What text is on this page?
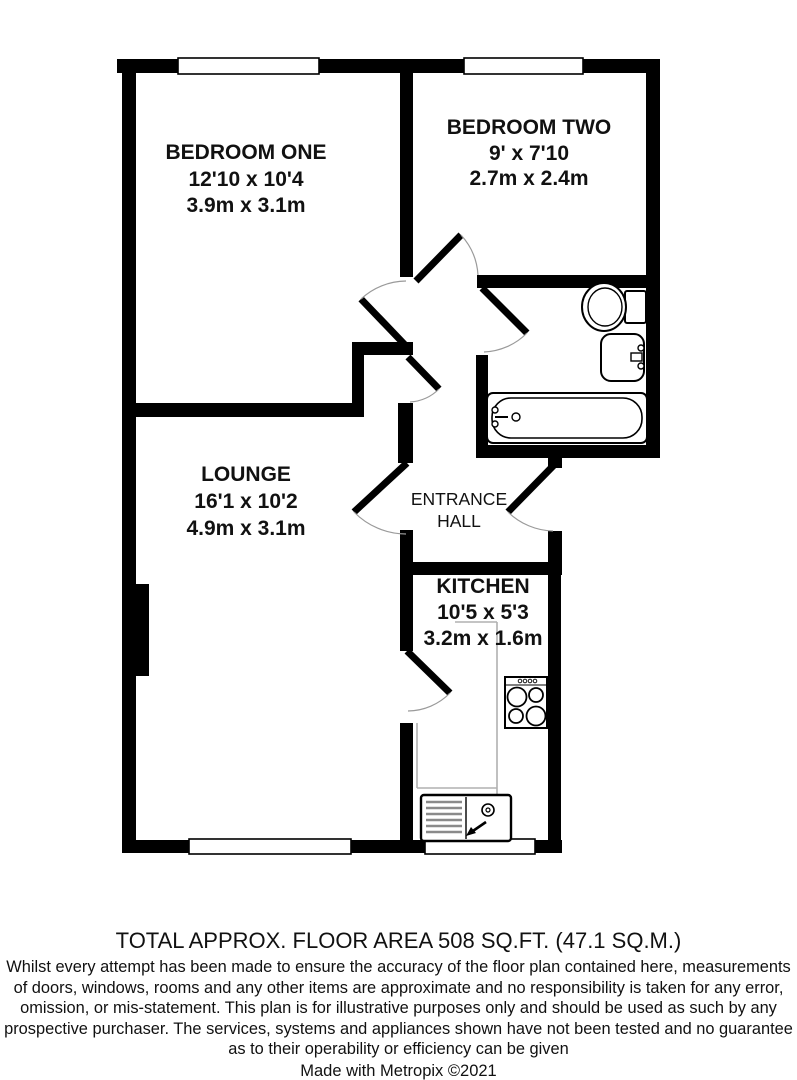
BEDROOM ONE
12'10 x 10'4
3.9m x 3.1m
BEDROOM TWO
9' x 7'10
2.7m x 2.4m
LOUNGE
16'1 x 10'2
4.9m x 3.1m
ENTRANCE
HALL
KITCHEN
10'5 x 5'3
3.2m x 1.6m

TOTAL APPROX. FLOOR AREA 508 SQ.FT. (47.1 SQ.M.)

Whilst every attempt has been made to ensure the accuracy of the floor plan contained here, measurements of doors, windows, rooms and any other items are approximate and no responsibility is taken for any error, omission, or mis-statement. This plan is for illustrative purposes only and should be used as such by any prospective purchaser. The services, systems and appliances shown have not been tested and no guarantee as to their operability or efficiency can be given

Made with Metropix ©2021
